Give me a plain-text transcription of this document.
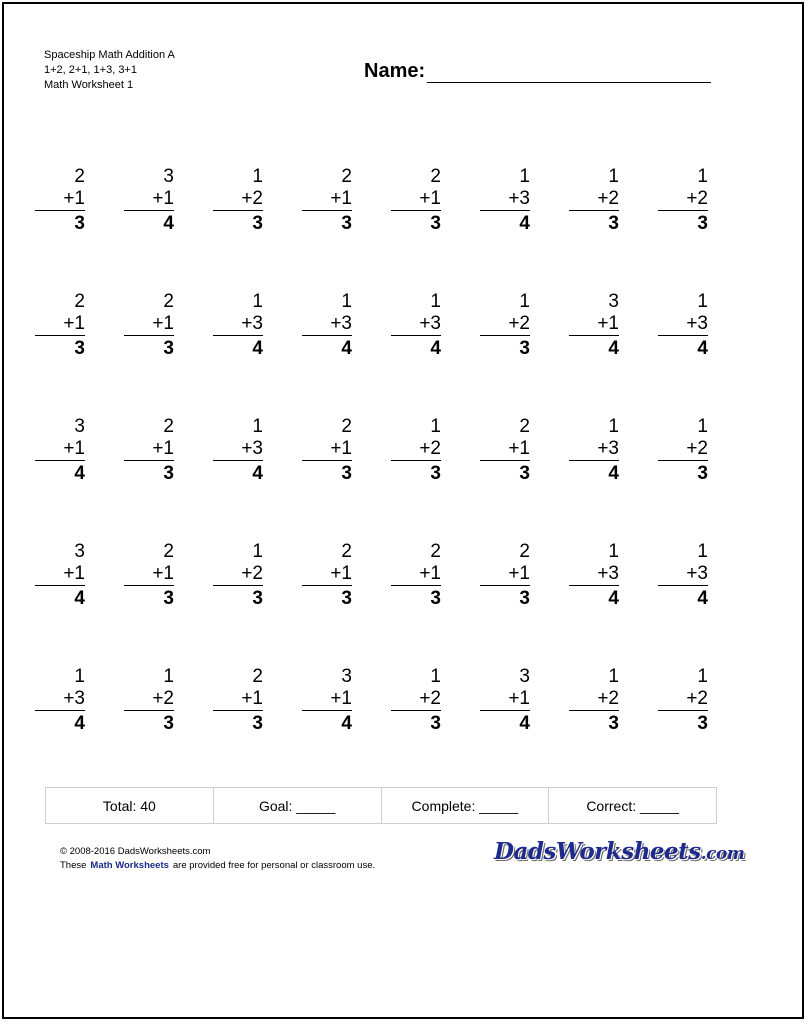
Spaceship Math Addition A
1+2, 2+1, 1+3, 3+1
Math Worksheet 1
Name:
2
+1
3
3
+1
4
1
+2
3
2
+1
3
2
+1
3
1
+3
4
1
+2
3
1
+2
3
2
+1
3
2
+1
3
1
+3
4
1
+3
4
1
+3
4
1
+2
3
3
+1
4
1
+3
4
3
+1
4
2
+1
3
1
+3
4
2
+1
3
1
+2
3
2
+1
3
1
+3
4
1
+2
3
3
+1
4
2
+1
3
1
+2
3
2
+1
3
2
+1
3
2
+1
3
1
+3
4
1
+3
4
1
+3
4
1
+2
3
2
+1
3
3
+1
4
1
+2
3
3
+1
4
1
+2
3
1
+2
3
Total: 40	Goal: _____	Complete: _____	Correct: _____
© 2008-2016 DadsWorksheets.com
These Math Worksheets are provided free for personal or classroom use.
DadsWorksheets.com
